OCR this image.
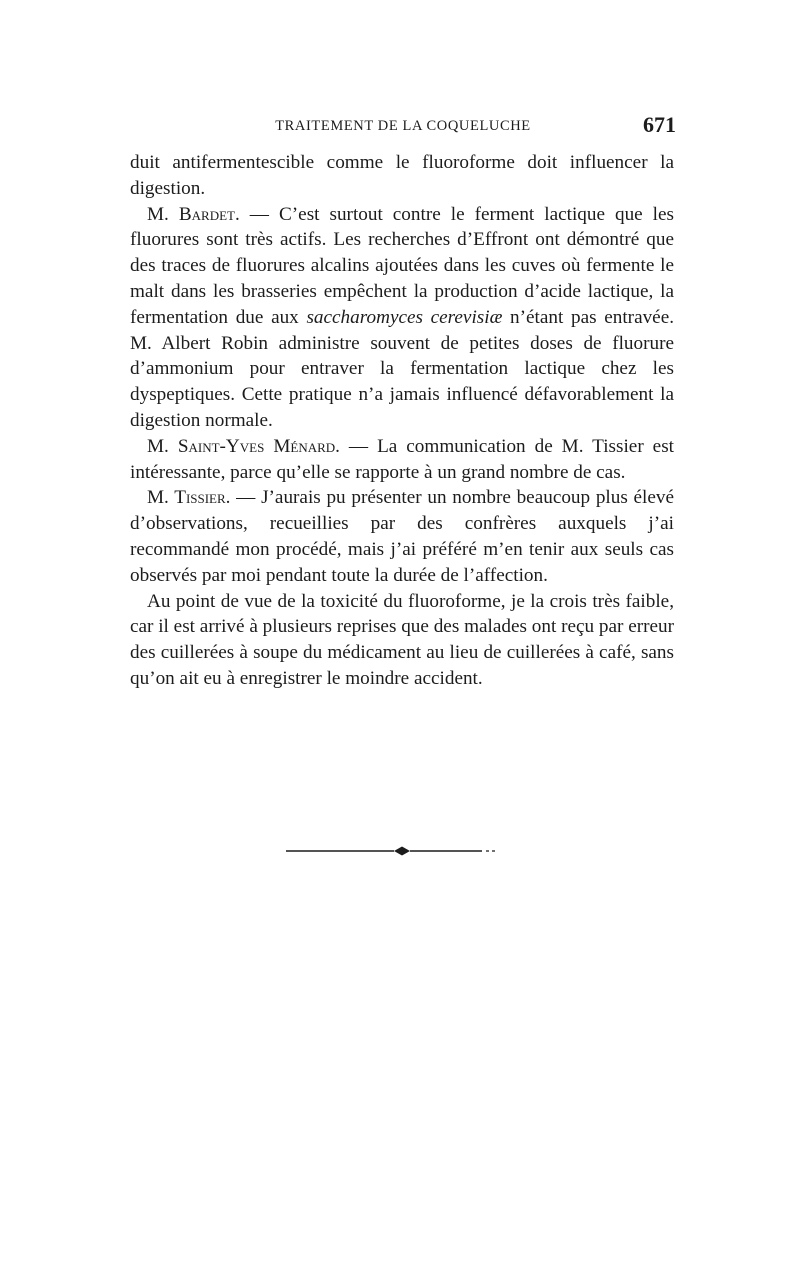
TRAITEMENT DE LA COQUELUCHE	671

duit antifermentescible comme le fluoroforme doit influencer la digestion.

M. Bardet. — C’est surtout contre le ferment lactique que les fluorures sont très actifs. Les recherches d’Effront ont démontré que des traces de fluorures alcalins ajoutées dans les cuves où fermente le malt dans les brasseries empêchent la production d’acide lactique, la fermentation due aux saccharomyces cerevisiæ n’étant pas entravée. M. Albert Robin administre souvent de petites doses de fluorure d’ammonium pour entraver la fermentation lactique chez les dyspeptiques. Cette pratique n’a jamais influencé défavorablement la digestion normale.

M. Saint-Yves Ménard. — La communication de M. Tissier est intéressante, parce qu’elle se rapporte à un grand nombre de cas.

M. Tissier. — J’aurais pu présenter un nombre beaucoup plus élevé d’observations, recueillies par des confrères auxquels j’ai recommandé mon procédé, mais j’ai préféré m’en tenir aux seuls cas observés par moi pendant toute la durée de l’affection.

Au point de vue de la toxicité du fluoroforme, je la crois très faible, car il est arrivé à plusieurs reprises que des malades ont reçu par erreur des cuillerées à soupe du médicament au lieu de cuillerées à café, sans qu’on ait eu à enregistrer le moindre accident.
